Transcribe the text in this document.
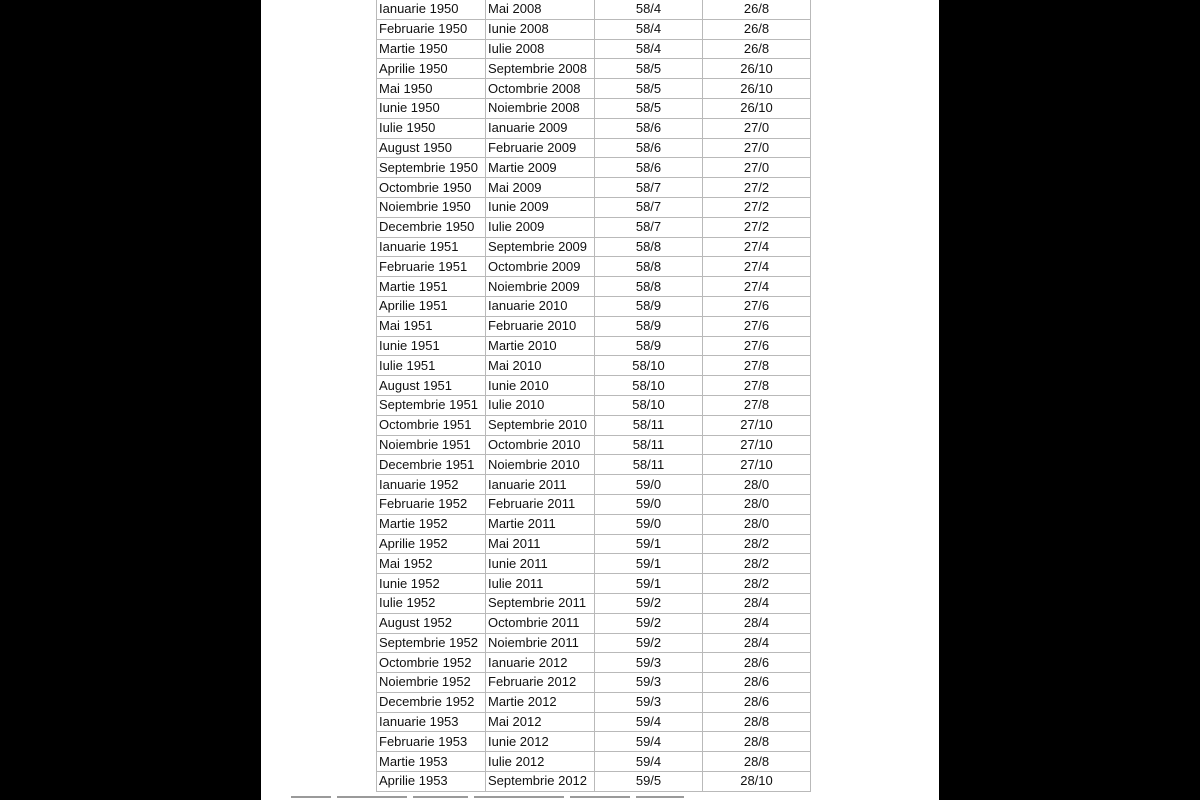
Ianuarie 1950	Mai 2008	58/4	26/8
Februarie 1950	Iunie 2008	58/4	26/8
Martie 1950	Iulie 2008	58/4	26/8
Aprilie 1950	Septembrie 2008	58/5	26/10
Mai 1950	Octombrie 2008	58/5	26/10
Iunie 1950	Noiembrie 2008	58/5	26/10
Iulie 1950	Ianuarie 2009	58/6	27/0
August 1950	Februarie 2009	58/6	27/0
Septembrie 1950	Martie 2009	58/6	27/0
Octombrie 1950	Mai 2009	58/7	27/2
Noiembrie 1950	Iunie 2009	58/7	27/2
Decembrie 1950	Iulie 2009	58/7	27/2
Ianuarie 1951	Septembrie 2009	58/8	27/4
Februarie 1951	Octombrie 2009	58/8	27/4
Martie 1951	Noiembrie 2009	58/8	27/4
Aprilie 1951	Ianuarie 2010	58/9	27/6
Mai 1951	Februarie 2010	58/9	27/6
Iunie 1951	Martie 2010	58/9	27/6
Iulie 1951	Mai 2010	58/10	27/8
August 1951	Iunie 2010	58/10	27/8
Septembrie 1951	Iulie 2010	58/10	27/8
Octombrie 1951	Septembrie 2010	58/11	27/10
Noiembrie 1951	Octombrie 2010	58/11	27/10
Decembrie 1951	Noiembrie 2010	58/11	27/10
Ianuarie 1952	Ianuarie 2011	59/0	28/0
Februarie 1952	Februarie 2011	59/0	28/0
Martie 1952	Martie 2011	59/0	28/0
Aprilie 1952	Mai 2011	59/1	28/2
Mai 1952	Iunie 2011	59/1	28/2
Iunie 1952	Iulie 2011	59/1	28/2
Iulie 1952	Septembrie 2011	59/2	28/4
August 1952	Octombrie 2011	59/2	28/4
Septembrie 1952	Noiembrie 2011	59/2	28/4
Octombrie 1952	Ianuarie 2012	59/3	28/6
Noiembrie 1952	Februarie 2012	59/3	28/6
Decembrie 1952	Martie 2012	59/3	28/6
Ianuarie 1953	Mai 2012	59/4	28/8
Februarie 1953	Iunie 2012	59/4	28/8
Martie 1953	Iulie 2012	59/4	28/8
Aprilie 1953	Septembrie 2012	59/5	28/10
